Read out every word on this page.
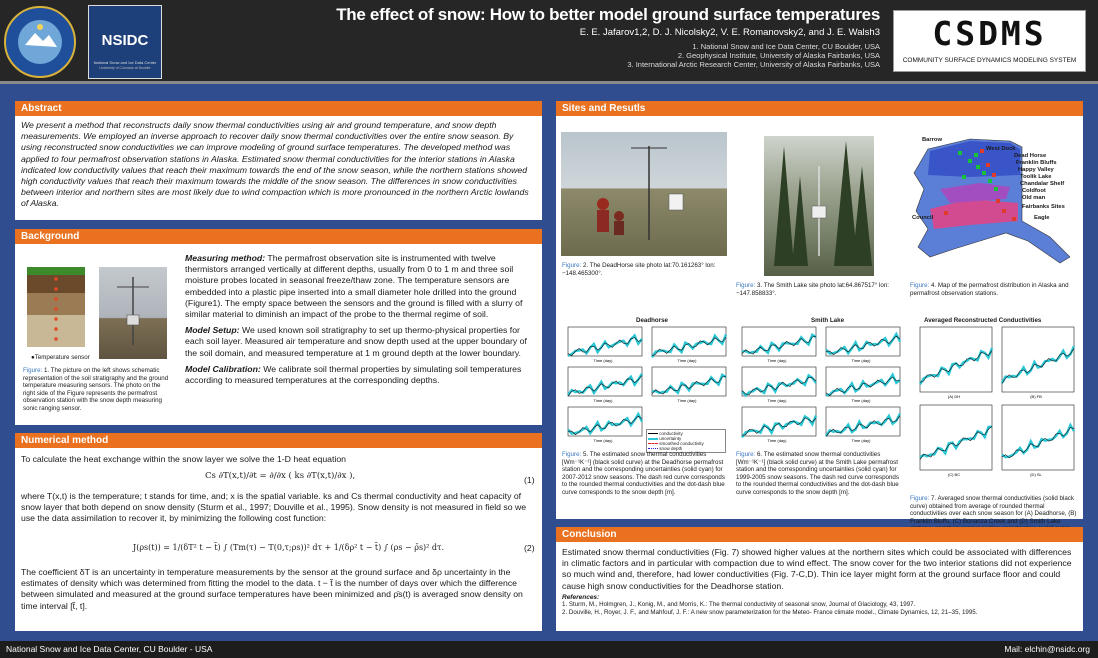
NSIDC
National Snow and Ice Data Center
University of Colorado at Boulder
The effect of snow: How to better model ground surface temperatures
E. E. Jafarov1,2, D. J. Nicolsky2, V. E. Romanovsky2, and J. E. Walsh3
1. National Snow and Ice Data Center, CU Boulder, USA
2. Geophysical Institute, University of Alaska Fairbanks, USA
3. International Arctic Research Center, University of Alaska Fairbanks, USA
CSDMS
COMMUNITY SURFACE DYNAMICS MODELING SYSTEM
Abstract
We present a method that reconstructs daily snow thermal conductivities using air and ground temperature, and snow depth measurements. We employed an inverse approach to recover daily snow thermal conductivities over the entire snow season. By using reconstructed snow conductivities we can improve modeling of ground surface temperatures. The developed method was applied to four permafrost observation stations in Alaska. Estimated snow thermal conductivities for the interior stations in Alaska indicated low conductivity values that reach their maximum towards the end of the snow season, while the northern stations showed high conductivity values that reach their maximum towards the middle of the snow season. The differences in snow conductivities between interior and northern sites are most likely due to wind compaction which is more pronounced in the northern Arctic lowlands of Alaska.
Background
●Temperature sensor
Figure: 1. The picture on the left shows schematic representation of the soil stratigraphy and the ground temperature measuring sensors. The photo on the right side of the Figure represents the permafrost observation station with the snow depth measuring sonic ranging sensor.

Measuring method: The permafrost observation site is instrumented with twelve thermistors arranged vertically at different depths, usually from 0 to 1 m and three soil moisture probes located in seasonal freeze/thaw zone. The temperature sensors are embedded into a plastic pipe inserted into a small diameter hole drilled into the ground (Figure1). The empty space between the sensors and the ground is filled with a slurry of similar material to diminish an impact of the probe to the thermal regime of soil.

Model Setup: We used known soil stratigraphy to set up thermo-physical properties for each soil layer. Measured air temperature and snow depth used at the upper boundary of the soil domain, and measured temperature at 1 m ground depth at the lower boundary.

Model Calibration: We calibrate soil thermal properties by simulating soil temperatures according to measured temperatures at the corresponding depths.

Numerical method
To calculate the heat exchange within the snow layer we solve the 1-D heat equation
Cs ∂T(x,t)/∂t = ∂/∂x ( ks ∂T(x,t)/∂x ),	(1)
where T(x,t) is the temperature; t stands for time, and; x is the spatial variable. ks and Cs thermal conductivity and heat capacity of snow layer that both depend on snow density (Sturm et al., 1997; Douville et al., 1995). Snow density is not measured in field so we use the data assimilation to recover it, by minimizing the following cost function:
J(ρs(t)) = 1/(δT² t − t̃) ∫ (Tm(τ) − T(0,τ;ρs))² dτ + 1/(δρ² t − t̃) ∫ (ρs − ρ̄s)² dτ.	(2)
The coefficient δT is an uncertainty in temperature measurements by the sensor at the ground surface and δρ uncertainty in the estimates of density which was determined from fitting the model to the data. t − t̃ is the number of days over which the difference between simulated and measured at the ground surface temperatures have been minimized and ρ̄s(t) is averaged snow density on time interval [t̃, t].
Sites and Resutls
Figure: 2. The DeadHorse site photo lat:70.161263° lon:−148.465300°.
Figure: 3. The Smith Lake site photo lat:64.867517° lon:−147.858833°.
Barrow
West Dock
Dead Horse
Franklin Bluffs
Happy Valley
Toolik Lake
Chandalar Shelf
Coldfoot
Old man
Fairbanks Sites
Council	Eagle
Figure: 4. Map of the permafrost distribution in Alaska and permafrost observation stations.
Deadhorse
Time (day)	Time (day)
Time (day)	Time (day)
Time (day)
conductivity
uncertainty
smoothed conductivity
snow depth
Smith Lake
Time (day)	Time (day)
Time (day)	Time (day)
Time (day)	Time (day)
Averaged Reconstructed Conductivities
(A) DH	(B) FB
(C) BC	(D) SL
Figure: 5. The estimated snow thermal conductivities [Wm⁻¹K⁻¹] (black solid curve) at the Deadhorse permafrost station and the corresponding uncertainties (solid cyan) for 2007-2012 snow seasons. The dash red curve corresponds to the rounded thermal conductivities and the dot-dash blue curve corresponds to the snow depth [m].
Figure: 6. The estimated snow thermal conductivities [Wm⁻¹K⁻¹] (black solid curve) at the Smith Lake permafrost station and the corresponding uncertainties (solid cyan) for 1999-2005 snow seasons. The dash red curve corresponds to the rounded thermal conductivities and the dot-dash blue curve corresponds to the snow depth [m].
Figure: 7. Averaged snow thermal conductivities (solid black curve) obtained from average of rounded thermal conductivities over each snow season for (A) Deadhorse, (B) Franklin Bluffs, (C) Bonanza Creek and (D) Smith Lake
Conclusion
Estimated snow thermal conductivities (Fig. 7) showed higher values at the northern sites which could be associated with differences in climatic factors and in particular with compaction due to wind effect. The snow cover for the two interior stations did not experience so much wind and, therefore, had lower conductivities (Fig. 7-C,D). Thin ice layer might form at the ground surface floor and could cause high snow conductivities for the Deadhorse station.
References:
1. Sturm, M., Holmgren, J., Konig, M., and Morris, K.: The thermal conductivity of seasonal snow, Journal of Glaciology, 43, 1997.
2. Douville, H., Royer, J. F., and Mahfouf, J. F.: A new snow parameterization for the Meteo- France climate model., Climate Dynamics, 12, 21–35, 1995.
National Snow and Ice Data Center, CU Boulder - USA	Mail: elchin@nsidc.org
